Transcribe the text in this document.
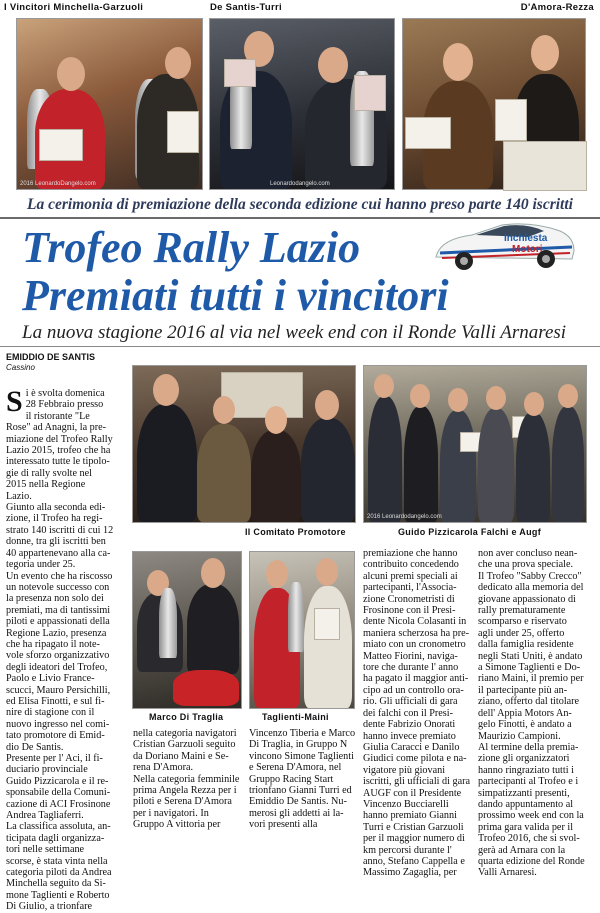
I Vincitori Minchella-Garzuoli	De Santis-Turri	D'Amora-Rezza
2016 LeonardoDangelo.com	Leonardodangelo.com
La cerimonia di premiazione della seconda edizione cui hanno preso parte 140 iscritti
Trofeo Rally Lazio
Premiati tutti i vincitori
Inchiesta
Motori
La nuova stagione 2016 al via nel week end con il Ronde Valli Arnaresi
EMIDDIO DE SANTIS
Cassino
2016 Leonardodangelo.com
Il Comitato Promotore	Guido Pizzicarola Falchi e Augf
Marco Di Traglia	Taglienti-Maini
S i è svolta domenica
28 Febbraio presso
il ristorante "Le
Rose" ad Anagni, la pre-
miazione del Trofeo Rally
Lazio 2015, trofeo che ha
interessato tutte le tipolo-
gie di rally svolte nel
2015 nella Regione
Lazio.
Giunto alla seconda edi-
zione, il Trofeo ha regi-
strato 140 iscritti di cui 12
donne, tra gli iscritti ben
40 appartenevano alla ca-
tegoria under 25.
Un evento che ha riscosso
un notevole successo con
la presenza non solo dei
premiati, ma di tantissimi
piloti e appassionati della
Regione Lazio, presenza
che ha ripagato il note-
vole sforzo organizzativo
degli ideatori del Trofeo,
Paolo e Livio France-
scucci, Mauro Persichilli,
ed Elisa Finotti, e sul fi-
nire di stagione con il
nuovo ingresso nel comi-
tato promotore di Emid-
dio De Santis.
Presente per l' Aci, il fi-
duciario provinciale
Guido Pizzicarola e il re-
sponsabile della Comuni-
cazione di ACI Frosinone
Andrea Tagliaferri.
La classifica assoluta, an-
ticipata dagli organizza-
tori nelle settimane
scorse, è stata vinta nella
categoria piloti da Andrea
Minchella seguito da Si-
mone Taglienti e Roberto
Di Giulio, a trionfare
nella categoria navigatori
Cristian Garzuoli seguito
da Doriano Maini e Se-
rena D'Amora.
Nella categoria femminile
prima Angela Rezza per i
piloti e Serena D'Amora
per i navigatori. In
Gruppo A vittoria per
Vincenzo Tiberia e Marco
Di Traglia, in Gruppo N
vincono Simone Taglienti
e Serena D'Amora, nel
Gruppo Racing Start
trionfano Gianni Turri ed
Emiddio De Santis. Nu-
merosi gli addetti ai la-
vori presenti alla
premiazione che hanno
contribuito concedendo
alcuni premi speciali ai
partecipanti, l'Associa-
zione Cronometristi di
Frosinone con il Presi-
dente Nicola Colasanti in
maniera scherzosa ha pre-
miato con un cronometro
Matteo Fiorini, naviga-
tore che durante l' anno
ha pagato il maggior anti-
cipo ad un controllo ora-
rio. Gli ufficiali di gara
dei falchi con il Presi-
dente Fabrizio Onorati
hanno invece premiato
Giulia Caracci e Danilo
Giudici come pilota e na-
vigatore più giovani
iscritti, gli ufficiali di gara
AUGF con il Presidente
Vincenzo Bucciarelli
hanno premiato Gianni
Turri e Cristian Garzuoli
per il maggior numero di
km percorsi durante l'
anno, Stefano Cappella e
Massimo Zagaglia, per
non aver concluso nean-
che una prova speciale.
Il Trofeo "Sabby Crecco"
dedicato alla memoria del
giovane appassionato di
rally prematuramente
scomparso e riservato
agli under 25, offerto
dalla famiglia residente
negli Stati Uniti, è andato
a Simone Taglienti e Do-
riano Maini, il premio per
il partecipante più an-
ziano, offerto dal titolare
dell' Appia Motors An-
gelo Finotti, è andato a
Maurizio Campioni.
Al termine della premia-
zione gli organizzatori
hanno ringraziato tutti i
partecipanti al Trofeo e i
simpatizzanti presenti,
dando appuntamento al
prossimo week end con la
prima gara valida per il
Trofeo 2016, che si svol-
gerà ad Arnara con la
quarta edizione del Ronde
Valli Arnaresi.
